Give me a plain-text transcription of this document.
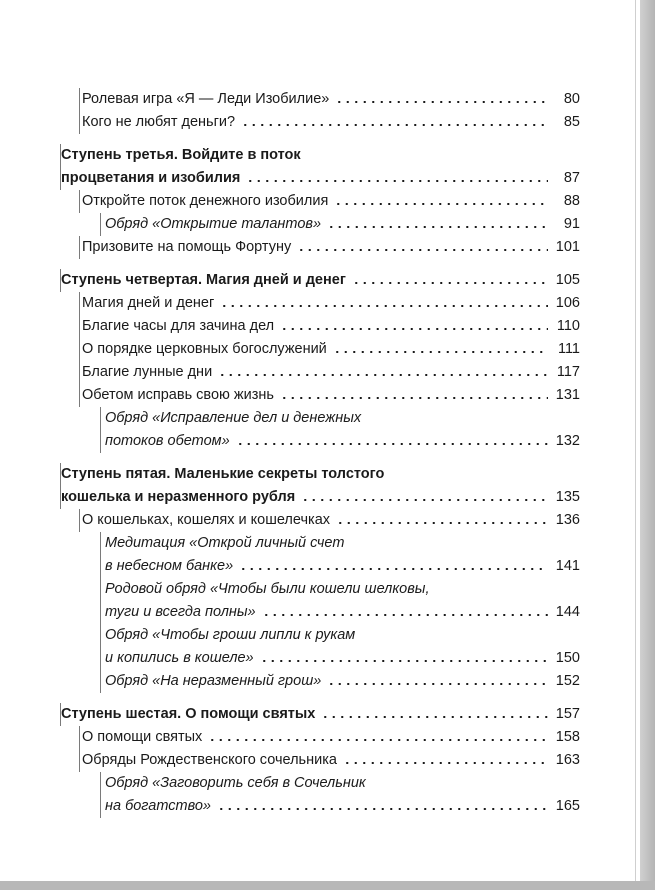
Ролевая игра «Я — Леди Изобилие»	80
Кого не любят деньги?	85
Ступень третья. Войдите в поток
процветания и изобилия	87
Откройте поток денежного изобилия	88
Обряд «Открытие талантов»	91
Призовите на помощь Фортуну	101
Ступень четвертая. Магия дней и денег	105
Магия дней и денег	106
Благие часы для зачина дел	110
О порядке церковных богослужений	111
Благие лунные дни	117
Обетом исправь свою жизнь	131
Обряд «Исправление дел и денежных
потоков обетом»	132
Ступень пятая. Маленькие секреты толстого
кошелька и неразменного рубля	135
О кошельках, кошелях и кошелечках	136
Медитация «Открой личный счет
в небесном банке»	141
Родовой обряд «Чтобы были кошели шелковы,
туги и всегда полны»	144
Обряд «Чтобы гроши липли к рукам
и копились в кошеле»	150
Обряд «На неразменный грош»	152
Ступень шестая. О помощи святых	157
О помощи святых	158
Обряды Рождественского сочельника	163
Обряд «Заговорить себя в Сочельник
на богатство»	165
